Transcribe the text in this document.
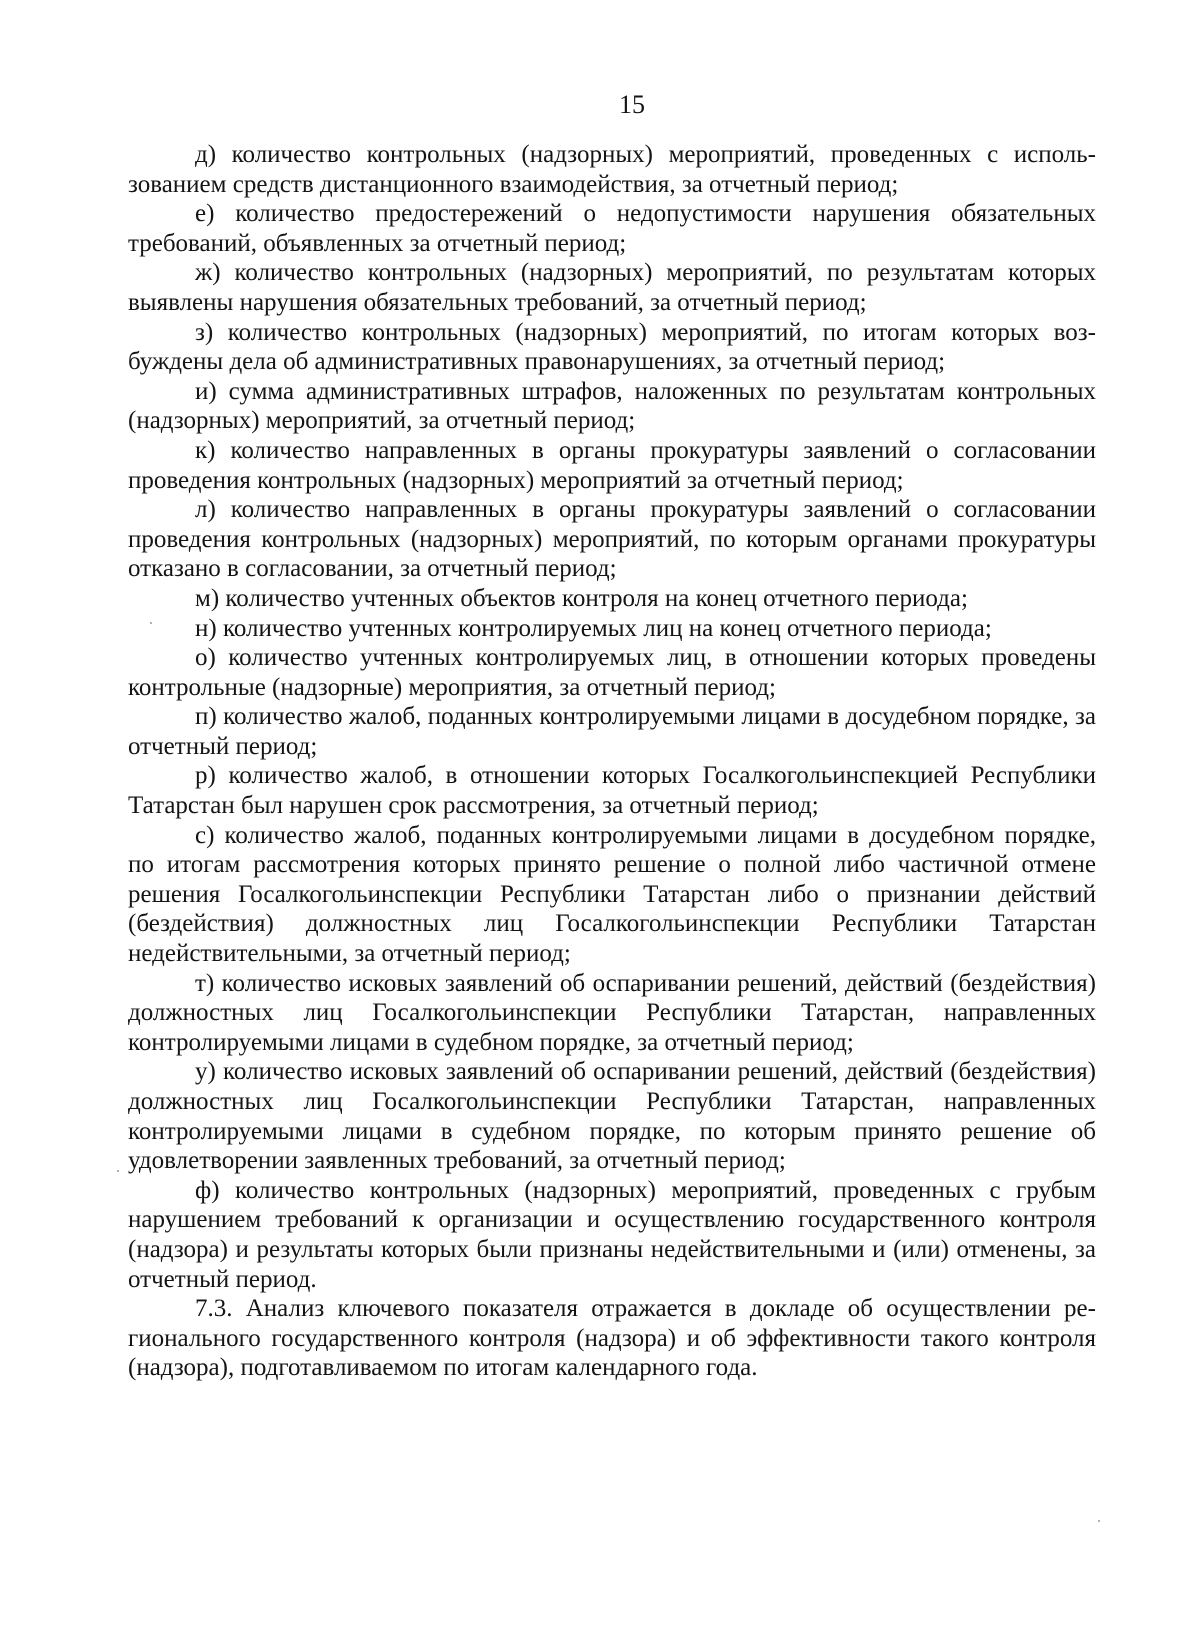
15

д) количество контрольных (надзорных) мероприятий, проведенных с использованием средств дистанционного взаимодействия, за отчетный период;

е) количество предостережений о недопустимости нарушения обязательных требований, объявленных за отчетный период;

ж) количество контрольных (надзорных) мероприятий, по результатам которых выявлены нарушения обязательных требований, за отчетный период;

з) количество контрольных (надзорных) мероприятий, по итогам которых возбуждены дела об административных правонарушениях, за отчетный период;

и) сумма административных штрафов, наложенных по результатам контрольных (надзорных) мероприятий, за отчетный период;

к) количество направленных в органы прокуратуры заявлений о согласовании проведения контрольных (надзорных) мероприятий за отчетный период;

л) количество направленных в органы прокуратуры заявлений о согласовании проведения контрольных (надзорных) мероприятий, по которым органами прокуратуры отказано в согласовании, за отчетный период;

м) количество учтенных объектов контроля на конец отчетного периода;

н) количество учтенных контролируемых лиц на конец отчетного периода;

о) количество учтенных контролируемых лиц, в отношении которых проведены контрольные (надзорные) мероприятия, за отчетный период;

п) количество жалоб, поданных контролируемыми лицами в досудебном порядке, за отчетный период;

р) количество жалоб, в отношении которых Госалкогольинспекцией Республики Татарстан был нарушен срок рассмотрения, за отчетный период;

с) количество жалоб, поданных контролируемыми лицами в досудебном порядке, по итогам рассмотрения которых принято решение о полной либо частичной отмене решения Госалкогольинспекции Республики Татарстан либо о признании действий (бездействия) должностных лиц Госалкогольинспекции Республики Татарстан недействительными, за отчетный период;

т) количество исковых заявлений об оспаривании решений, действий (бездействия) должностных лиц Госалкогольинспекции Республики Татарстан, направленных контролируемыми лицами в судебном порядке, за отчетный период;

у) количество исковых заявлений об оспаривании решений, действий (бездействия) должностных лиц Госалкогольинспекции Республики Татарстан, направленных контролируемыми лицами в судебном порядке, по которым принято решение об удовлетворении заявленных требований, за отчетный период;

ф) количество контрольных (надзорных) мероприятий, проведенных с грубым нарушением требований к организации и осуществлению государственного контроля (надзора) и результаты которых были признаны недействительными и (или) отменены, за отчетный период.

7.3. Анализ ключевого показателя отражается в докладе об осуществлении регионального государственного контроля (надзора) и об эффективности такого контроля (надзора), подготавливаемом по итогам календарного года.
